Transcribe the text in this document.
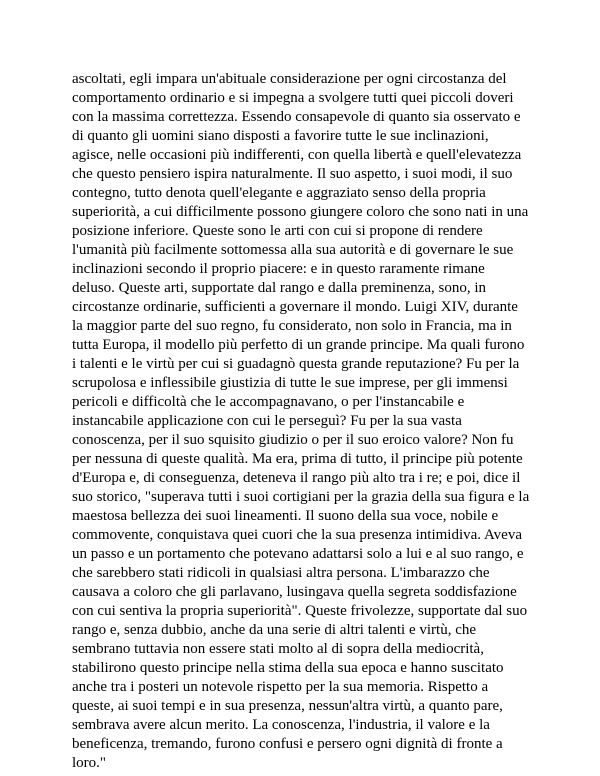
ascoltati, egli impara un'abituale considerazione per ogni circostanza del
comportamento ordinario e si impegna a svolgere tutti quei piccoli doveri
con la massima correttezza. Essendo consapevole di quanto sia osservato e
di quanto gli uomini siano disposti a favorire tutte le sue inclinazioni,
agisce, nelle occasioni più indifferenti, con quella libertà e quell'elevatezza
che questo pensiero ispira naturalmente. Il suo aspetto, i suoi modi, il suo
contegno, tutto denota quell'elegante e aggraziato senso della propria
superiorità, a cui difficilmente possono giungere coloro che sono nati in una
posizione inferiore. Queste sono le arti con cui si propone di rendere
l'umanità più facilmente sottomessa alla sua autorità e di governare le sue
inclinazioni secondo il proprio piacere: e in questo raramente rimane
deluso. Queste arti, supportate dal rango e dalla preminenza, sono, in
circostanze ordinarie, sufficienti a governare il mondo. Luigi XIV, durante
la maggior parte del suo regno, fu considerato, non solo in Francia, ma in
tutta Europa, il modello più perfetto di un grande principe. Ma quali furono
i talenti e le virtù per cui si guadagnò questa grande reputazione? Fu per la
scrupolosa e inflessibile giustizia di tutte le sue imprese, per gli immensi
pericoli e difficoltà che le accompagnavano, o per l'instancabile e
instancabile applicazione con cui le perseguì? Fu per la sua vasta
conoscenza, per il suo squisito giudizio o per il suo eroico valore? Non fu
per nessuna di queste qualità. Ma era, prima di tutto, il principe più potente
d'Europa e, di conseguenza, deteneva il rango più alto tra i re; e poi, dice il
suo storico, "superava tutti i suoi cortigiani per la grazia della sua figura e la
maestosa bellezza dei suoi lineamenti. Il suono della sua voce, nobile e
commovente, conquistava quei cuori che la sua presenza intimidiva. Aveva
un passo e un portamento che potevano adattarsi solo a lui e al suo rango, e
che sarebbero stati ridicoli in qualsiasi altra persona. L'imbarazzo che
causava a coloro che gli parlavano, lusingava quella segreta soddisfazione
con cui sentiva la propria superiorità". Queste frivolezze, supportate dal suo
rango e, senza dubbio, anche da una serie di altri talenti e virtù, che
sembrano tuttavia non essere stati molto al di sopra della mediocrità,
stabilirono questo principe nella stima della sua epoca e hanno suscitato
anche tra i posteri un notevole rispetto per la sua memoria. Rispetto a
queste, ai suoi tempi e in sua presenza, nessun'altra virtù, a quanto pare,
sembrava avere alcun merito. La conoscenza, l'industria, il valore e la
beneficenza, tremando, furono confusi e persero ogni dignità di fronte a
loro."
